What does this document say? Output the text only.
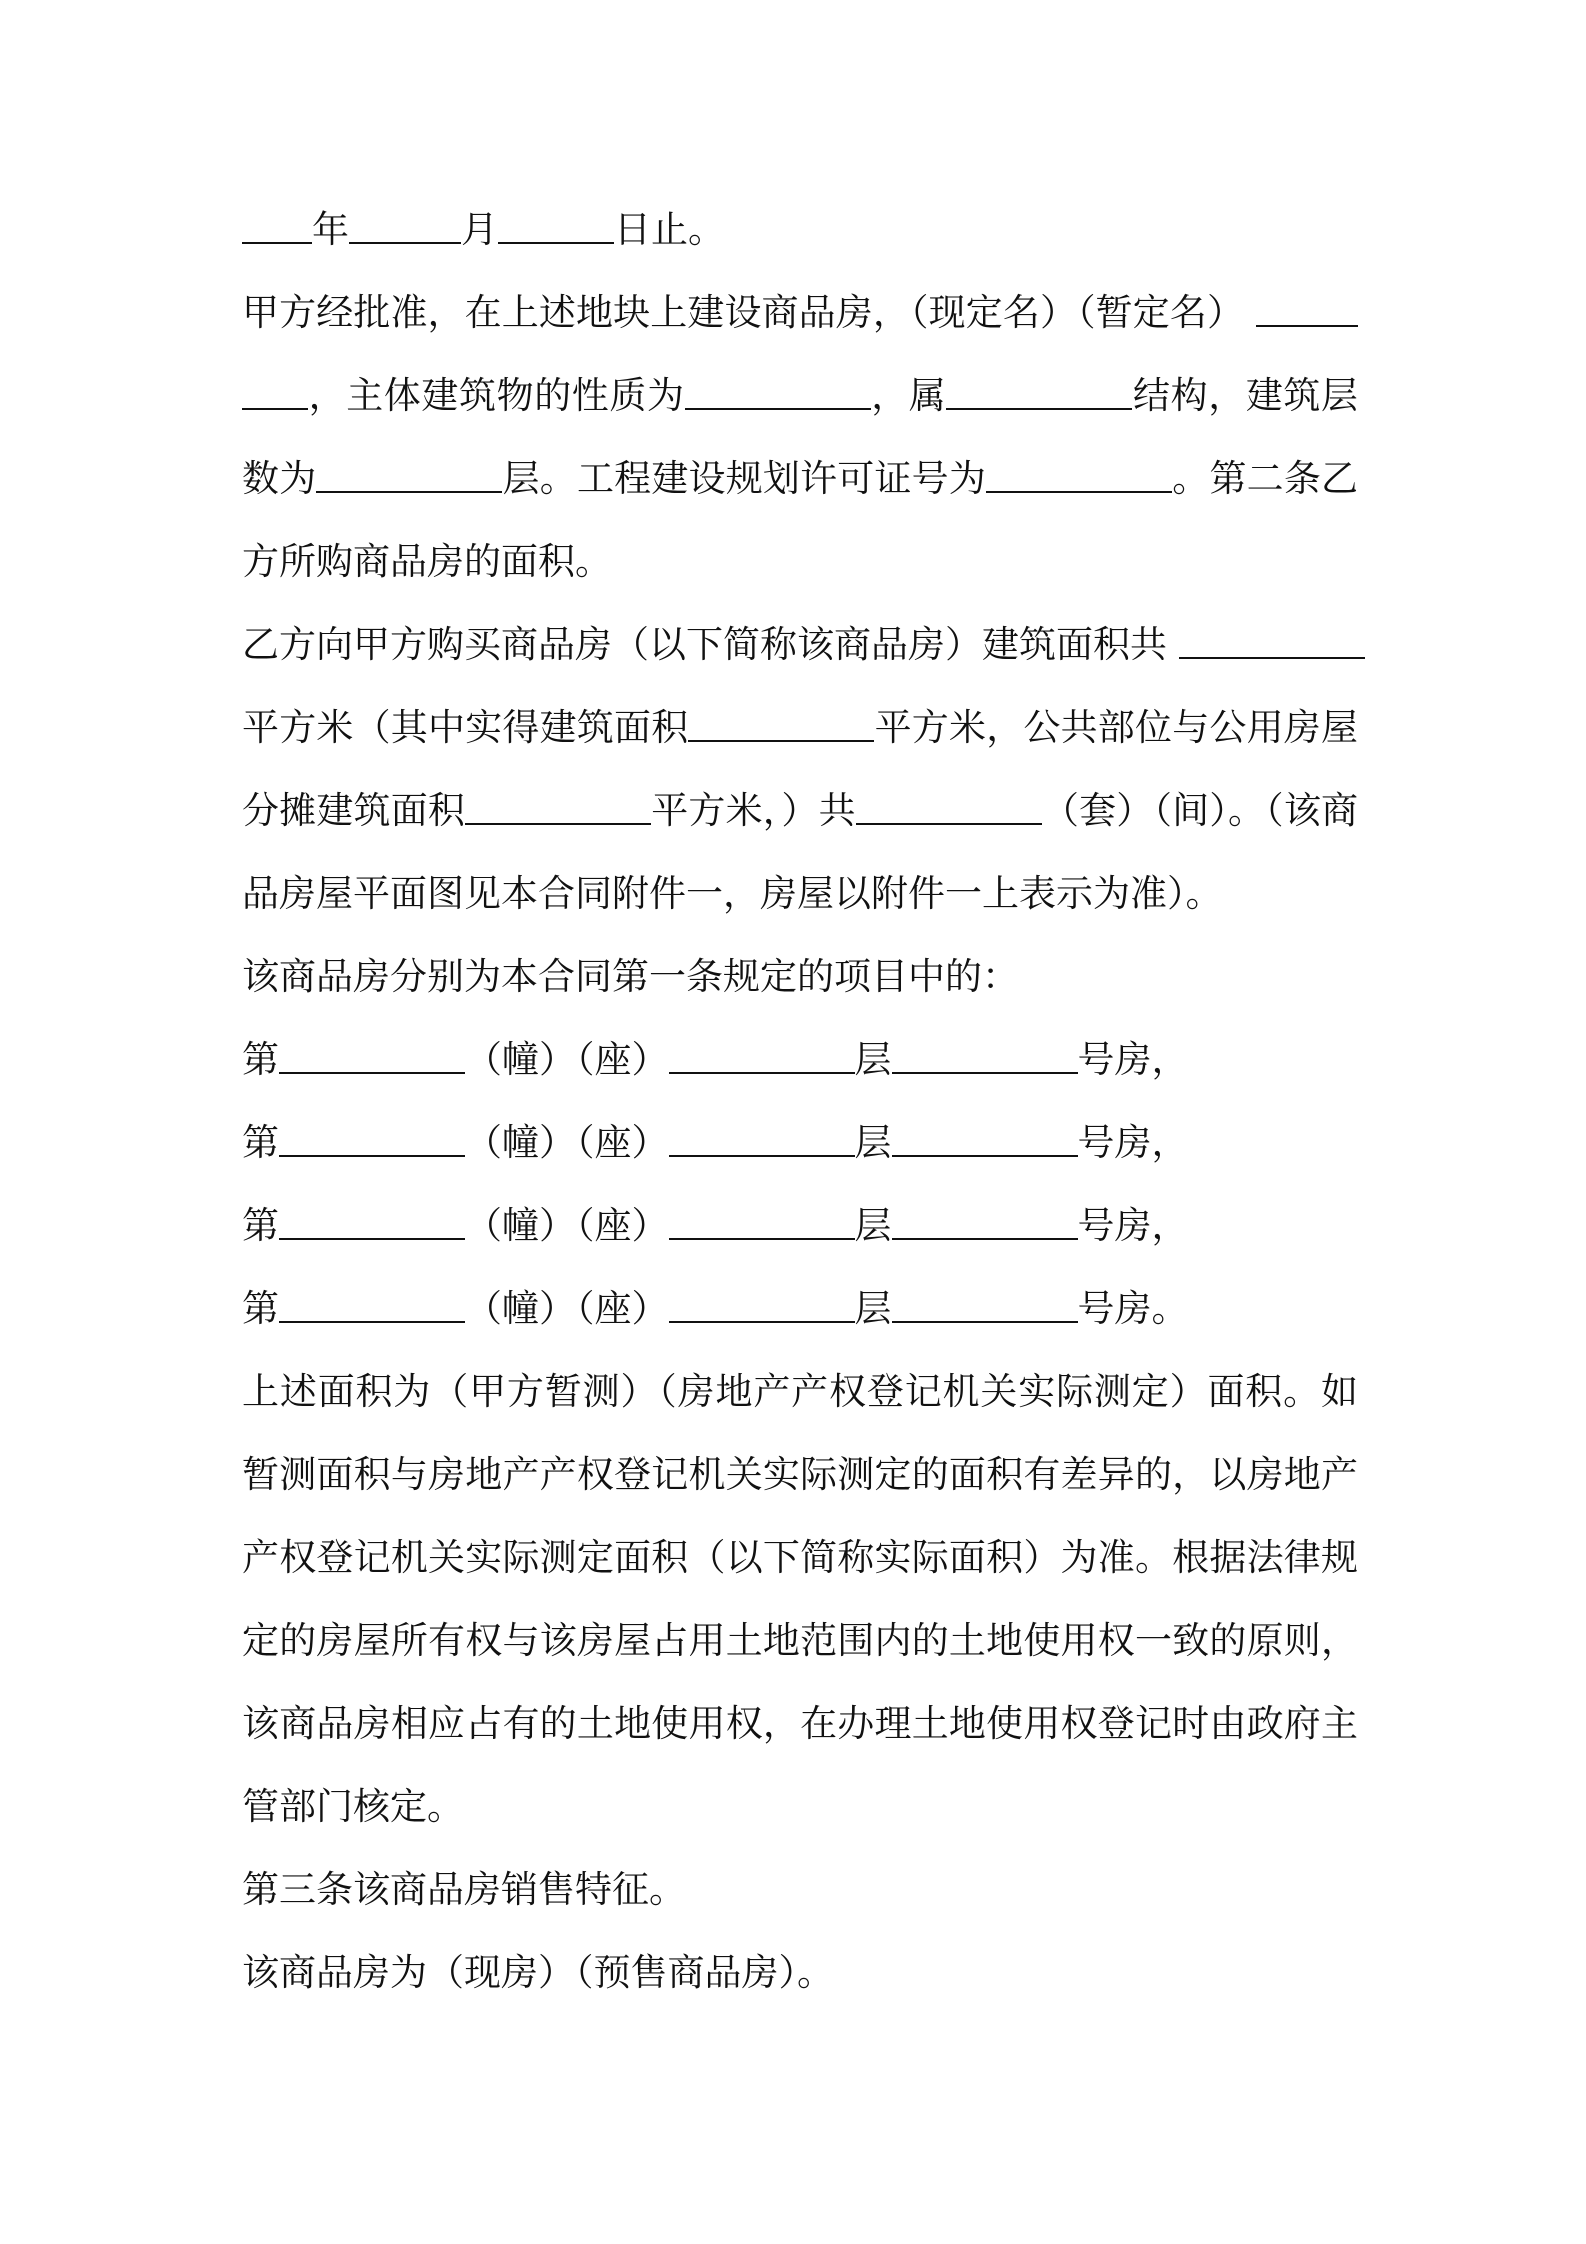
年	月	日止。
甲方经批准，在上述地块上建设商品房，（现定名）（暂定名）
，主体建筑物的性质为	，属	结构，建筑层
数为	层。工程建设规划许可证号为	。第二条乙
方所购商品房的面积。
乙方向甲方购买商品房（以下简称该商品房）建筑面积共
平方米（其中实得建筑面积	平方米，公共部位与公用房屋
分摊建筑面积	平方米，）共	（套）（间）。（该商
品房屋平面图见本合同附件一，房屋以附件一上表示为准）。
该商品房分别为本合同第一条规定的项目中的：
第	（幢）（座）	层	号房，
第	（幢）（座）	层	号房，
第	（幢）（座）	层	号房，
第	（幢）（座）	层	号房。
上述面积为（甲方暂测）（房地产产权登记机关实际测定）面积。如
暂测面积与房地产产权登记机关实际测定的面积有差异的，以房地产
产权登记机关实际测定面积（以下简称实际面积）为准。根据法律规
定的房屋所有权与该房屋占用土地范围内的土地使用权一致的原则，
该商品房相应占有的土地使用权，在办理土地使用权登记时由政府主
管部门核定。
第三条该商品房销售特征。
该商品房为（现房）（预售商品房）。
